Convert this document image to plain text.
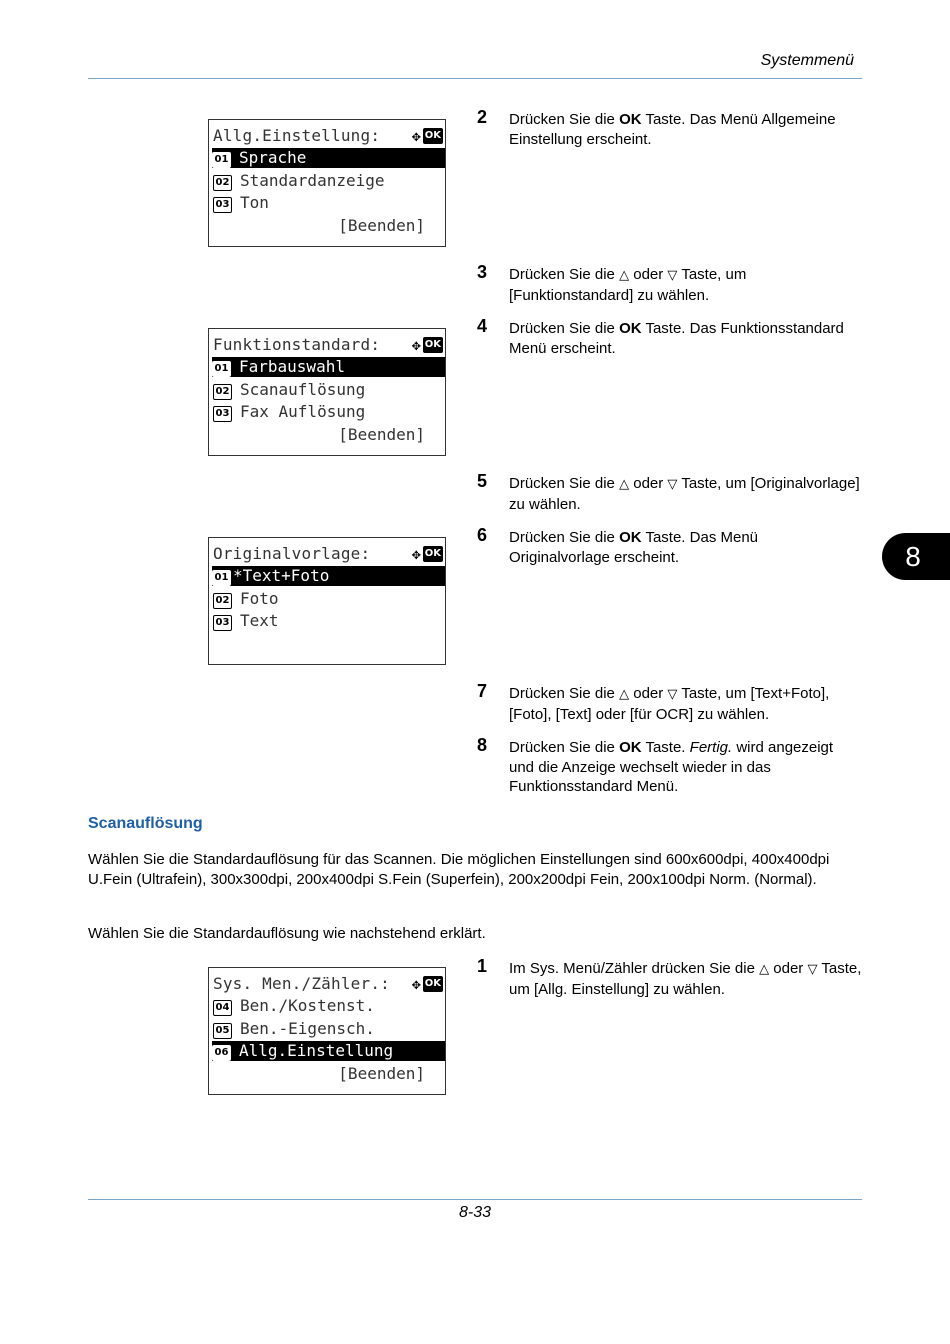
Systemmenü
Allg.Einstellung: ✥ OK
01 Sprache
02 Standardanzeige
03 Ton
[Beenden]
Funktionstandard: ✥ OK
01 Farbauswahl
02 Scanauflösung
03 Fax Auflösung
[Beenden]
Originalvorlage:	✥ OK
01 *Text+Foto
02 Foto
03 Text
Sys. Men./Zähler.: ✥ OK
04 Ben./Kostenst.
05 Ben.-Eigensch.
06 Allg.Einstellung
[Beenden]
2 Drücken Sie die OK Taste. Das Menü Allgemeine Einstellung erscheint.
3 Drücken Sie die △ oder ▽ Taste, um [Funktionstandard] zu wählen.
4 Drücken Sie die OK Taste. Das Funktionsstandard Menü erscheint.
5 Drücken Sie die △ oder ▽ Taste, um [Originalvorlage] zu wählen.
6 Drücken Sie die OK Taste. Das Menü Originalvorlage erscheint.
7 Drücken Sie die △ oder ▽ Taste, um [Text+Foto], [Foto], [Text] oder [für OCR] zu wählen.
8 Drücken Sie die OK Taste. Fertig. wird angezeigt und die Anzeige wechselt wieder in das Funktionsstandard Menü.
Scanauflösung
Wählen Sie die Standardauflösung für das Scannen. Die möglichen Einstellungen sind 600x600dpi, 400x400dpi U.Fein (Ultrafein), 300x300dpi, 200x400dpi S.Fein (Superfein), 200x200dpi Fein, 200x100dpi Norm. (Normal).
Wählen Sie die Standardauflösung wie nachstehend erklärt.
1 Im Sys. Menü/Zähler drücken Sie die △ oder ▽ Taste, um [Allg. Einstellung] zu wählen.
8
8-33
